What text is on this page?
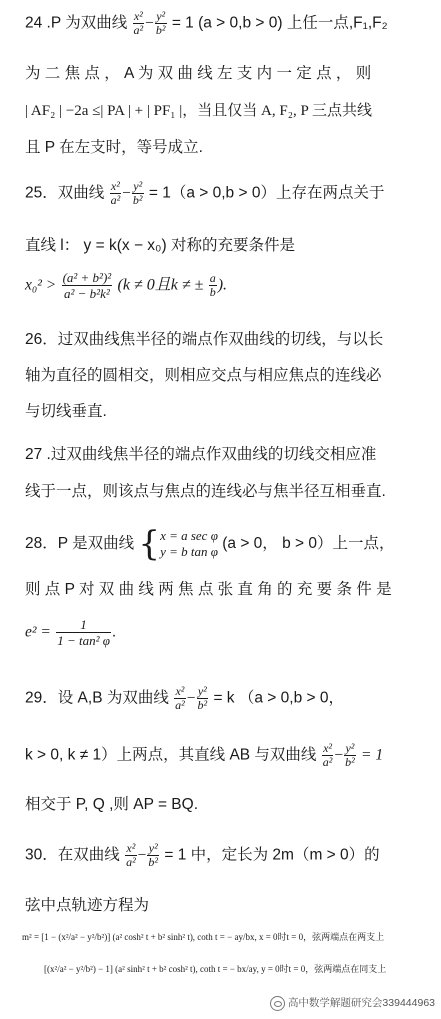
24 .P 为双曲线 $\frac{\text{x²}}{\text{a²}} - \frac{\text{y²}}{\text{b²}} = 1$ (a > 0,b > 0) 上任一点,F₁,F₂
为 二 焦 点 ， A 为 双 曲 线 左 支 内 一 定 点 ， 则
| AF₂ | −2a ≤| PA | + | PF₁ |，当且仅当 A, F₂, P 三点共线
且 P 在左支时，等号成立.
25．双曲线 $\frac{\text{x²}}{\text{a²}} - \frac{\text{y²}}{\text{b²}} = 1(a > 0,b > 0)$上存在两点关于
直线 l： y = k(x − x₀) 对称的充要条件是
$x_0^2 > \frac{\text{(a² + b²)²}}{\text{a² − b²k²}} (k \ne 0$且k ≠ ± $\frac{a}{b}$ ).
26．过双曲线焦半径的端点作双曲线的切线，与以长
轴为直径的圆相交，则相应交点与相应焦点的连线必
与切线垂直.
27 .过双曲线焦半径的端点作双曲线的切线交相应准
线于一点，则该点与焦点的连线必与焦半径互相垂直.
28．P 是双曲线 { x = a sec φ
y = b tan φ (a > 0， b > 0）上一点，
则 点 P 对 双 曲 线 两 焦 点 张 直 角 的 充 要 条 件 是
$e^2 = \frac{1}{\text{1 − tan² φ}}$ .
29．设 A,B 为双曲线 $\frac{\text{x²}}{\text{a²}} - \frac{\text{y²}}{\text{b²}} = k$ （a > 0,b > 0，
k > 0, k ≠ 1）上两点，其直线 AB 与双曲线 $\frac{\text{x²}}{\text{a²}} - \frac{\text{y²}}{\text{b²}} = 1$
相交于 P, Q ,则 AP = BQ.
30．在双曲线 $\frac{\text{x²}}{\text{a²}} - \frac{\text{y²}}{\text{b²}} = 1$ 中，定长为 2m（m > 0）的
弦中点轨迹方程为
m² = [1 − (x²/a² − y²/b²)] (a² cosh² t + b² sinh² t), coth t = − ay/bx, x = 0时t = 0，弦两端点在两支上
[(x²/a² − y²/b²) − 1] (a² sinh² t + b² cosh² t), coth t = − bx/ay, y = 0时t = 0，弦两端点在同支上
高中数学解题研究会339444963
